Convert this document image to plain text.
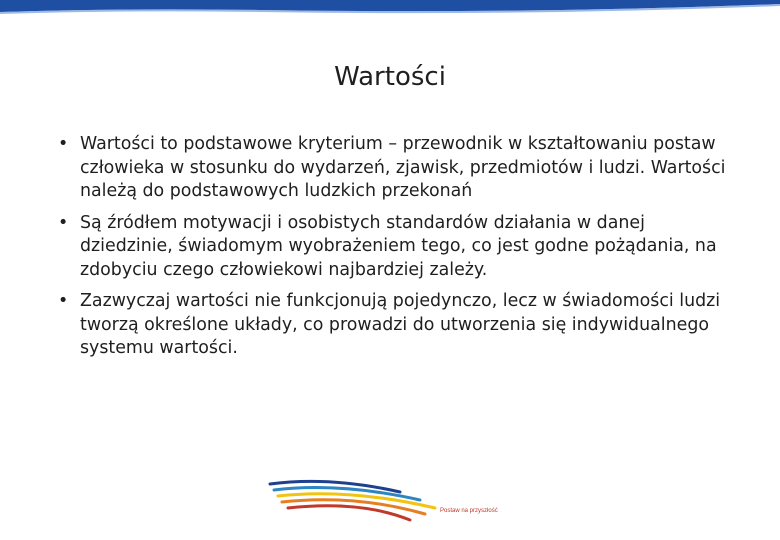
Wartości
• Wartości to podstawowe kryterium – przewodnik w kształtowaniu postaw człowieka w stosunku do wydarzeń, zjawisk, przedmiotów i ludzi. Wartości należą do podstawowych ludzkich przekonań
• Są źródłem motywacji i osobistych standardów działania w danej dziedzinie, świadomym wyobrażeniem tego, co jest godne pożądania, na zdobyciu czego człowiekowi najbardziej zależy.
• Zazwyczaj wartości nie funkcjonują pojedynczo, lecz w świadomości ludzi tworzą określone układy, co prowadzi do utworzenia się indywidualnego systemu wartości.
Postaw na przyszłość
